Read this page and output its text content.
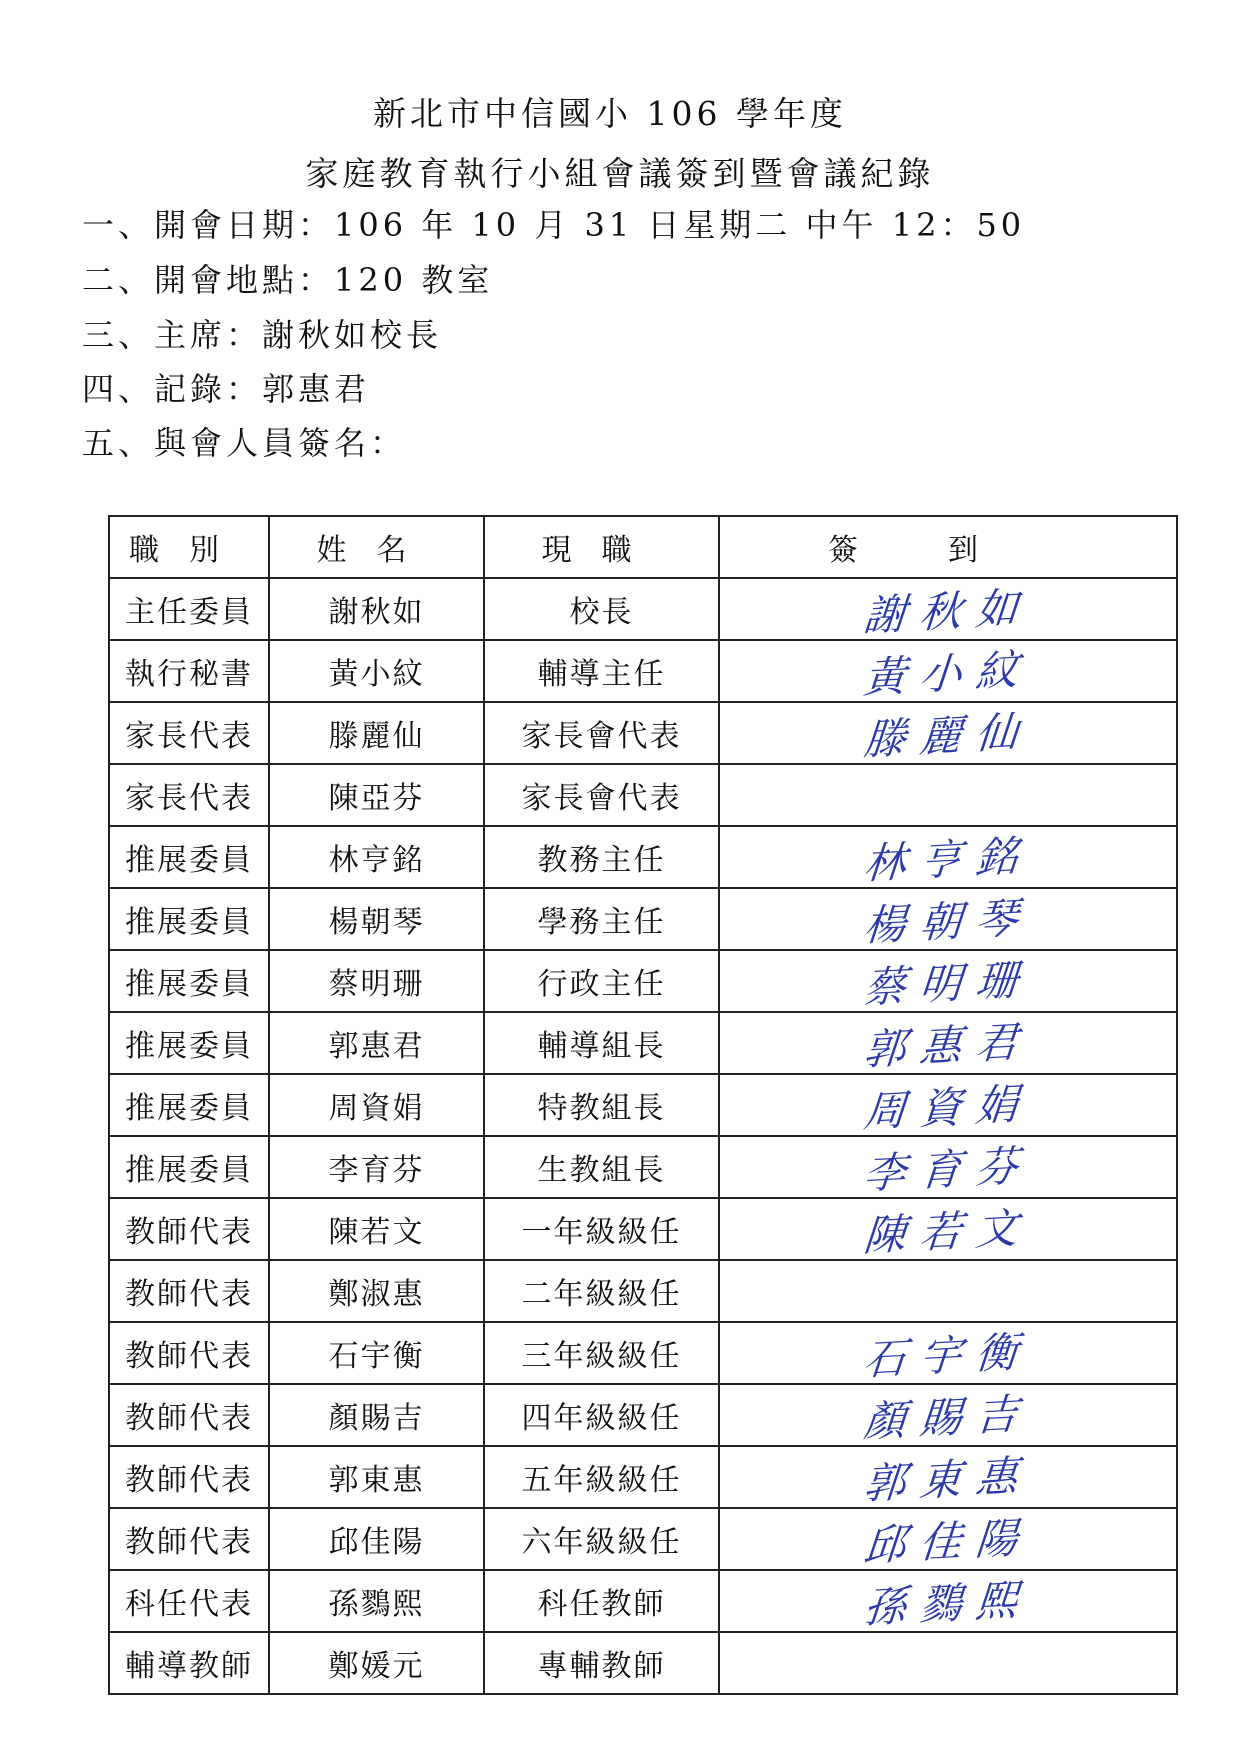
新北市中信國小 106 學年度
家庭教育執行小組會議簽到暨會議紀錄
一、開會日期：106 年 10 月 31 日星期二 中午 12：50
二、開會地點：120 教室
三、主席：謝秋如校長
四、記錄：郭惠君
五、與會人員簽名：
職別	姓名	現職	簽到
主任委員	謝秋如	校長	謝秋如
執行秘書	黃小紋	輔導主任	黃小紋
家長代表	滕麗仙	家長會代表	滕麗仙
家長代表	陳亞芬	家長會代表	
推展委員	林亨銘	教務主任	林亨銘
推展委員	楊朝琴	學務主任	楊朝琴
推展委員	蔡明珊	行政主任	蔡明珊
推展委員	郭惠君	輔導組長	郭惠君
推展委員	周資娟	特教組長	周資娟
推展委員	李育芬	生教組長	李育芬
教師代表	陳若文	一年級級任	陳若文
教師代表	鄭淑惠	二年級級任	
教師代表	石宇衡	三年級級任	石宇衡
教師代表	顏賜吉	四年級級任	顏賜吉
教師代表	郭東惠	五年級級任	郭東惠
教師代表	邱佳陽	六年級級任	邱佳陽
科任代表	孫鷚熙	科任教師	孫鷚熙
輔導教師	鄭媛元	專輔教師	
